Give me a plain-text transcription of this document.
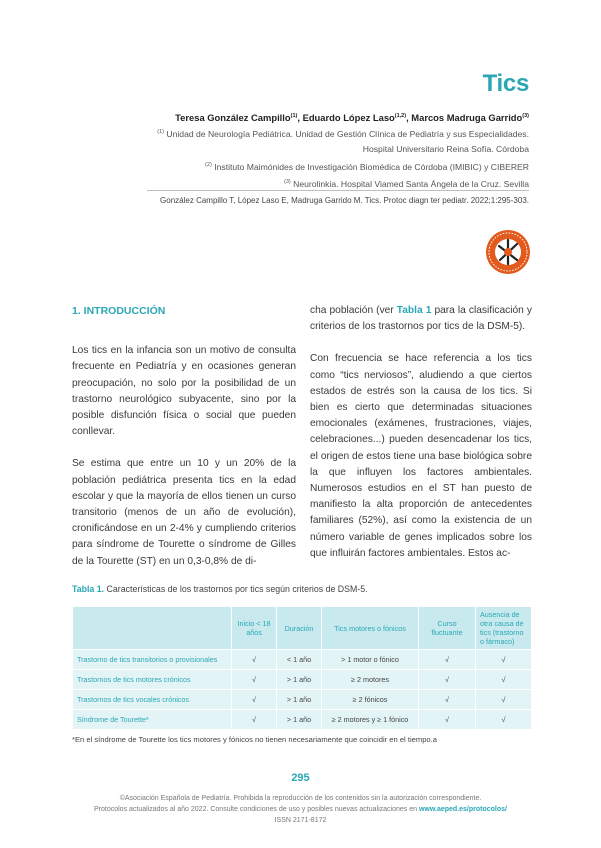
Tics
Teresa González Campillo$^{(1)}$, Eduardo López Laso$^{(1,2)}$, Marcos Madruga Garrido$^{(3)}$
$^{(1)}$ Unidad de Neurología Pediátrica. Unidad de Gestión Clínica de Pediatría y sus Especialidades.
Hospital Universitario Reina Sofía. Córdoba
$^{(2)}$ Instituto Maimónides de Investigación Biomédica de Córdoba (IMIBIC) y CIBERER
$^{(3)}$ Neurolinkia. Hospital Viamed Santa Ángela de la Cruz. Sevilla
González Campillo T, López Laso E, Madruga Garrido M. Tics. Protoc diagn ter pediatr. 2022;1:295-303.
1. INTRODUCCIÓN

Los tics en la infancia son un motivo de consulta frecuente en Pediatría y en ocasiones generan preocupación, no solo por la posibilidad de un trastorno neurológico subyacente, sino por la posible disfunción física o social que pueden conllevar.

Se estima que entre un 10 y un 20% de la población pediátrica presenta tics en la edad escolar y que la mayoría de ellos tienen un curso transitorio (menos de un año de evolución), cronificándose en un 2-4% y cumpliendo criterios para síndrome de Tourette o síndrome de Gilles de la Tourette (ST) en un 0,3-0,8% de di-

cha población (ver Tabla 1 para la clasificación y criterios de los trastornos por tics de la DSM-5).

Con frecuencia se hace referencia a los tics como “tics nerviosos”, aludiendo a que ciertos estados de estrés son la causa de los tics. Si bien es cierto que determinadas situaciones emocionales (exámenes, frustraciones, viajes, celebraciones...) pueden desencadenar los tics, el origen de estos tiene una base biológica sobre la que influyen los factores ambientales. Numerosos estudios en el ST han puesto de manifiesto la alta proporción de antecedentes familiares (52%), así como la existencia de un número variable de genes implicados sobre los que influirán factores ambientales. Estos ac-

Tabla 1. Características de los trastornos por tics según criterios de DSM-5.
	Inicio < 18 años	Duración	Tics motores o fónicos	Curso fluctuante	Ausencia de otra causa de tics (trastorno o fármaco)
Trastorno de tics transitorios o provisionales	√	< 1 año	> 1 motor o fónico	√	√
Trastornos de tics motores crónicos	√	> 1 año	≥ 2 motores	√	√
Trastornos de tics vocales crónicos	√	> 1 año	≥ 2 fónicos	√	√
Síndrome de Tourette*	√	> 1 año	≥ 2 motores y ≥ 1 fónico	√	√
*En el síndrome de Tourette los tics motores y fónicos no tienen necesariamente que coincidir en el tiempo.a
295
©Asociación Española de Pediatría. Prohibida la reproducción de los contenidos sin la autorización correspondiente.
Protocolos actualizados al año 2022. Consulte condiciones de uso y posibles nuevas actualizaciones en www.aeped.es/protocolos/
ISSN 2171-8172
